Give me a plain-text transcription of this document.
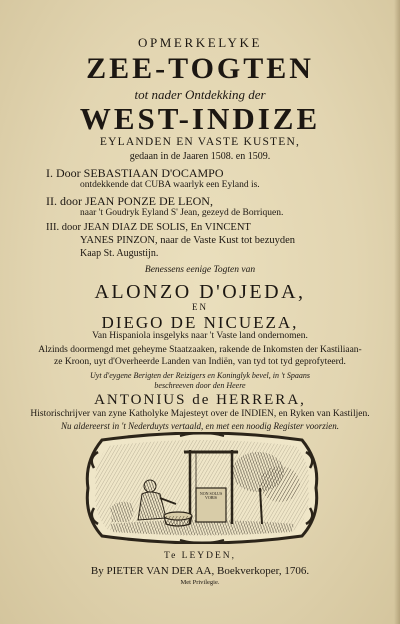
OPMERKELYKE
ZEE-TOGTEN
tot nader Ontdekking der
WEST-INDIZE
EYLANDEN EN VASTE KUSTEN,
gedaan in de Jaaren 1508. en 1509.
I. Door SEBASTIAAN D'OCAMPO
ontdekkende dat CUBA waarlyk een Eyland is.
II. door JEAN PONZE DE LEON,
naar 't Goudryk Eyland S' Jean, gezeyd de Borriquen.
III. door JEAN DIAZ DE SOLIS, En VINCENT
YANES PINZON, naar de Vaste Kust tot bezuyden
Kaap St. Augustijn.
Benessens eenige Togten van
ALONZO D'OJEDA,
EN
DIEGO DE NICUEZA,
Van Hispaniola insgelyks naar 't Vaste land ondernomen.
Alzinds doormengd met geheyme Staatzaaken, rakende de Inkomsten der Kastiliaan-
ze Kroon, uyt d'Overheerde Landen van Indiën, van tyd tot tyd geprofyteerd.
Uyt d'eygene Berigten der Reizigers en Koninglyk bevel, in 't Spaans
beschreeven door den Heere
ANTONIUS de HERRERA,
Historischrijver van zyne Katholyke Majesteyt over de INDIEN, en Ryken van Kastiljen.
Nu aldereerst in 't Nederduyts vertaald, en met een noodig Register voorzien.
NON SOLUS VOBIS
Te LEYDEN,
By PIETER VAN DER AA, Boekverkoper, 1706.
Met Privilegie.
